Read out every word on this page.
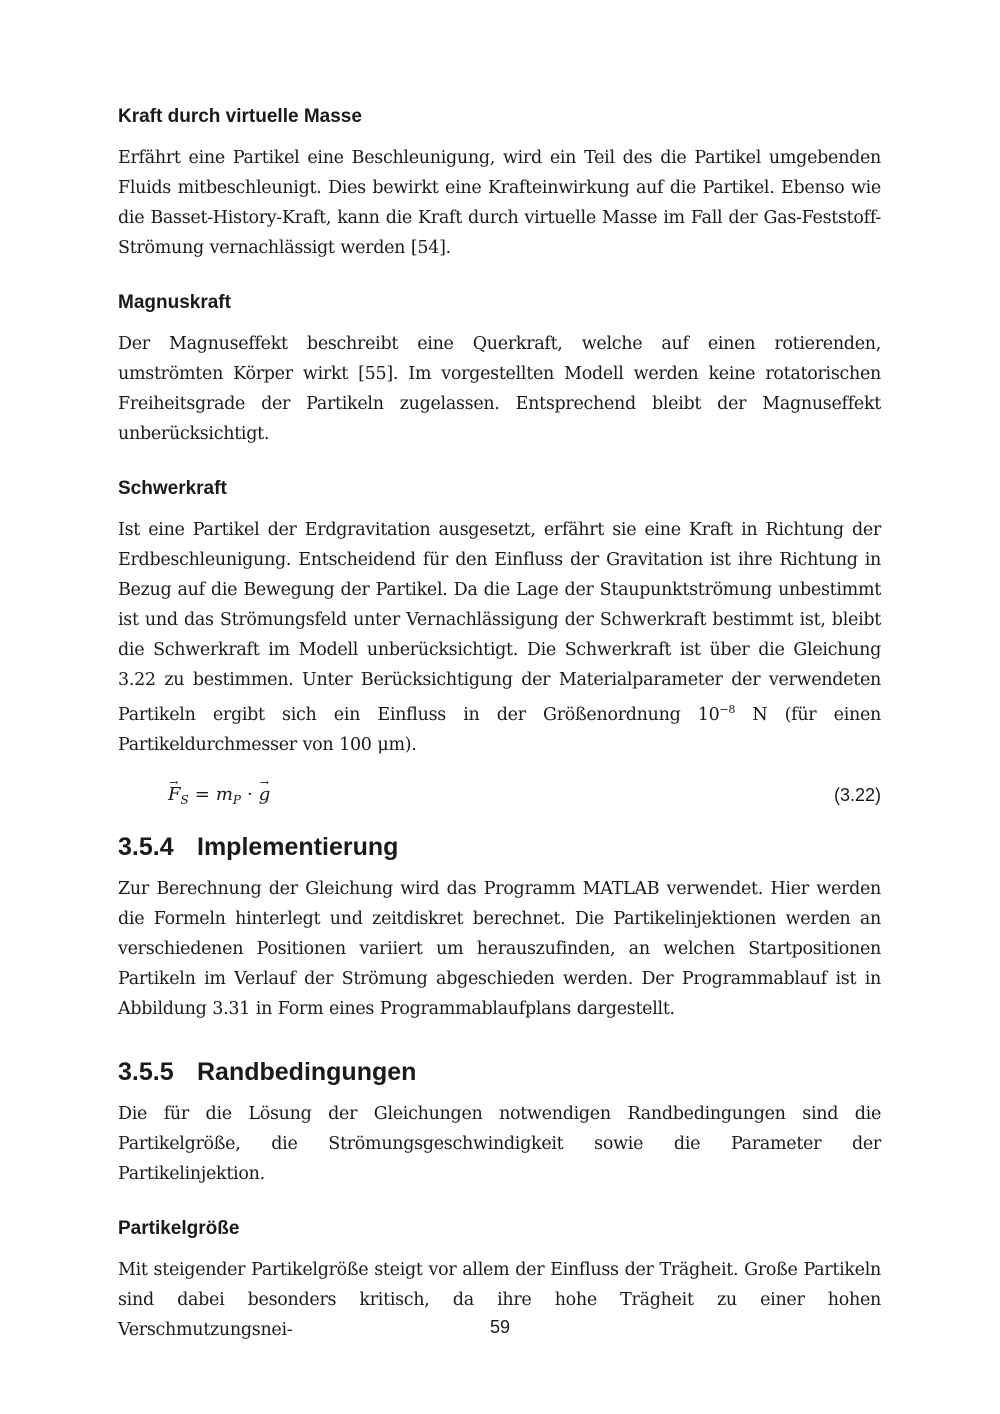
Kraft durch virtuelle Masse

Erfährt eine Partikel eine Beschleunigung, wird ein Teil des die Partikel umgebenden Fluids mitbeschleunigt. Dies bewirkt eine Krafteinwirkung auf die Partikel. Ebenso wie die Basset-History-Kraft, kann die Kraft durch virtuelle Masse im Fall der Gas-Feststoff-Strömung vernachlässigt werden [54].

Magnuskraft

Der Magnuseffekt beschreibt eine Querkraft, welche auf einen rotierenden, umströmten Körper wirkt [55]. Im vorgestellten Modell werden keine rotatorischen Freiheitsgrade der Partikeln zugelassen. Entsprechend bleibt der Magnuseffekt unberücksichtigt.

Schwerkraft

Ist eine Partikel der Erdgravitation ausgesetzt, erfährt sie eine Kraft in Richtung der Erdbeschleunigung. Entscheidend für den Einfluss der Gravitation ist ihre Richtung in Bezug auf die Bewegung der Partikel. Da die Lage der Staupunktströmung unbestimmt ist und das Strömungsfeld unter Vernachlässigung der Schwerkraft bestimmt ist, bleibt die Schwerkraft im Modell unberücksichtigt. Die Schwerkraft ist über die Gleichung 3.22 zu bestimmen. Unter Berücksichtigung der Materialparameter der verwendeten Partikeln ergibt sich ein Einfluss in der Größenordnung $10^{-8}$ N (für einen Partikeldurchmesser von 100 μm).

→ $F_S = m_P \cdot\to g$	(3.22)
3.5.4 Implementierung

Zur Berechnung der Gleichung wird das Programm MATLAB verwendet. Hier werden die Formeln hinterlegt und zeitdiskret berechnet. Die Partikelinjektionen werden an verschiedenen Positionen variiert um herauszufinden, an welchen Startpositionen Partikeln im Verlauf der Strömung abgeschieden werden. Der Programmablauf ist in Abbildung 3.31 in Form eines Programmablaufplans dargestellt.

3.5.5 Randbedingungen

Die für die Lösung der Gleichungen notwendigen Randbedingungen sind die Partikelgröße, die Strömungsgeschwindigkeit sowie die Parameter der Partikelinjektion.

Partikelgröße

Mit steigender Partikelgröße steigt vor allem der Einfluss der Trägheit. Große Partikeln sind dabei besonders kritisch, da ihre hohe Trägheit zu einer hohen Verschmutzungsnei-	59
